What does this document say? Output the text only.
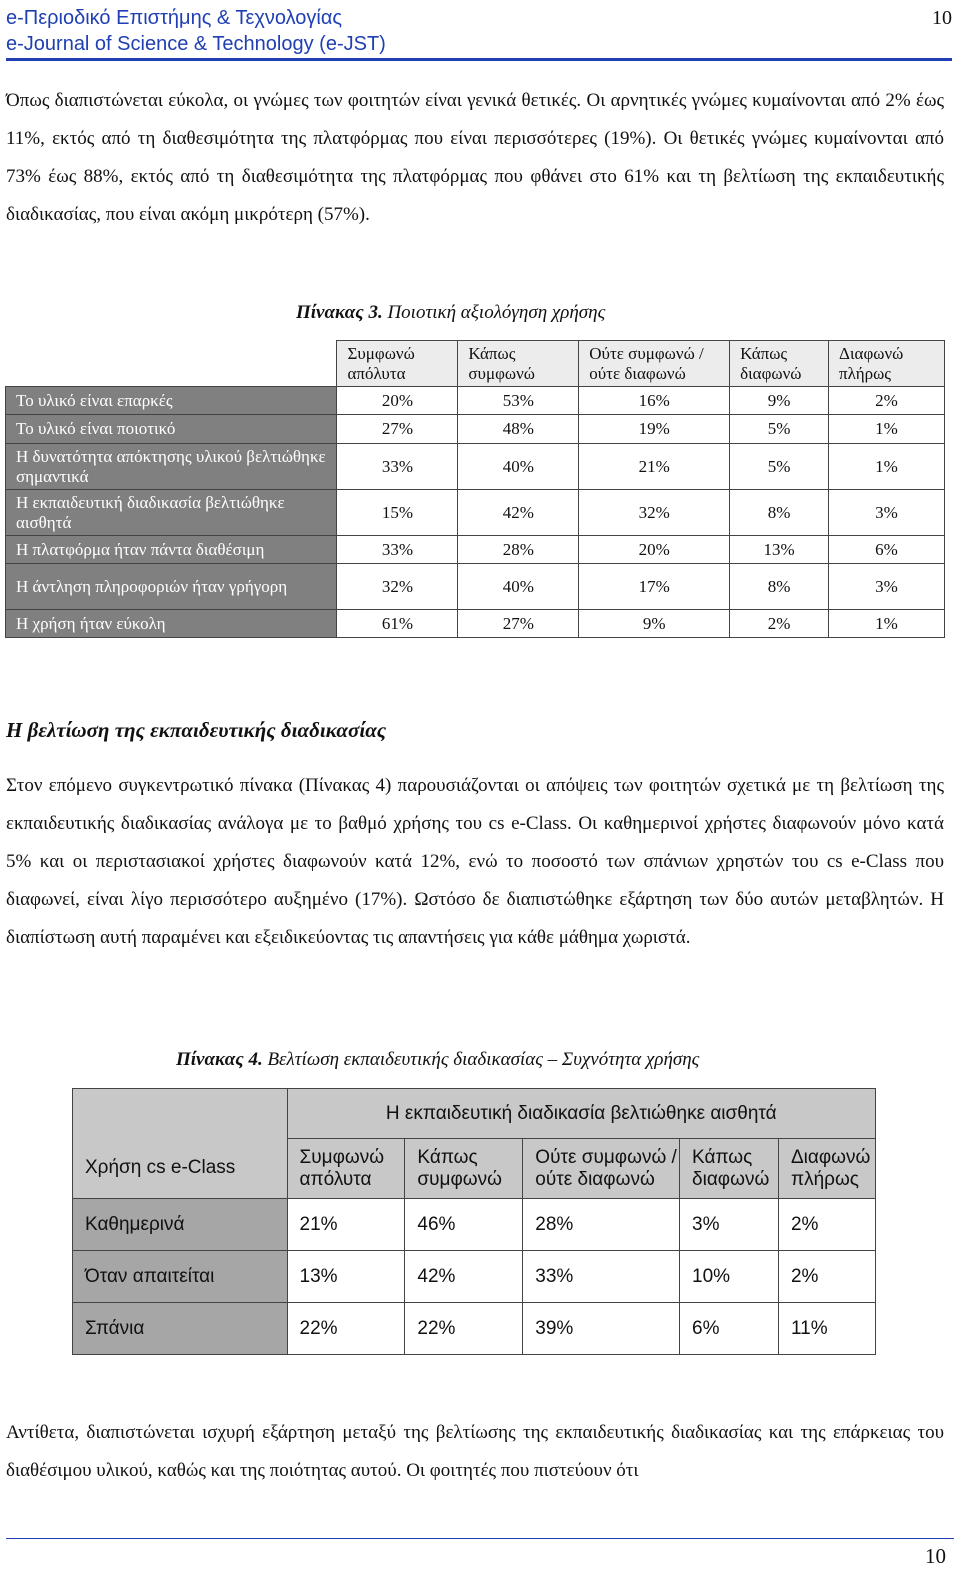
e-Περιοδικό Επιστήμης & Τεχνολογίας
e-Journal of Science & Technology (e-JST)
10

Όπως διαπιστώνεται εύκολα, οι γνώμες των φοιτητών είναι γενικά θετικές. Οι αρνητικές γνώμες κυμαίνονται από 2% έως 11%, εκτός από τη διαθεσιμότητα της πλατφόρμας που είναι περισσότερες (19%). Οι θετικές γνώμες κυμαίνονται από 73% έως 88%, εκτός από τη διαθεσιμότητα της πλατφόρμας που φθάνει στο 61% και τη βελτίωση της εκπαιδευτικής διαδικασίας, που είναι ακόμη μικρότερη (57%).

Πίνακας 3. Ποιοτική αξιολόγηση χρήσης
	Συμφωνώ απόλυτα	Κάπως συμφωνώ	Ούτε συμφωνώ /ούτε διαφωνώ	Κάπως διαφωνώ	Διαφωνώ πλήρως
Το υλικό είναι επαρκές	20%	53%	16%	9%	2%
Το υλικό είναι ποιοτικό	27%	48%	19%	5%	1%
Η δυνατότητα απόκτησης υλικού βελτιώθηκε σημαντικά	33%	40%	21%	5%	1%
Η εκπαιδευτική διαδικασία βελτιώθηκε αισθητά	15%	42%	32%	8%	3%
Η πλατφόρμα ήταν πάντα διαθέσιμη	33%	28%	20%	13%	6%
Η άντληση πληροφοριών ήταν γρήγορη	32%	40%	17%	8%	3%
Η χρήση ήταν εύκολη	61%	27%	9%	2%	1%
Η βελτίωση της εκπαιδευτικής διαδικασίας

Στον επόμενο συγκεντρωτικό πίνακα (Πίνακας 4) παρουσιάζονται οι απόψεις των φοιτητών σχετικά με τη βελτίωση της εκπαιδευτικής διαδικασίας ανάλογα με το βαθμό χρήσης του cs e-Class. Οι καθημερινοί χρήστες διαφωνούν μόνο κατά 5% και οι περιστασιακοί χρήστες διαφωνούν κατά 12%, ενώ το ποσοστό των σπάνιων χρηστών του cs e-Class που διαφωνεί, είναι λίγο περισσότερο αυξημένο (17%). Ωστόσο δε διαπιστώθηκε εξάρτηση των δύο αυτών μεταβλητών. Η διαπίστωση αυτή παραμένει και εξειδικεύοντας τις απαντήσεις για κάθε μάθημα χωριστά.

Πίνακας 4. Βελτίωση εκπαιδευτικής διαδικασίας – Συχνότητα χρήσης
	Η εκπαιδευτική διαδικασία βελτιώθηκε αισθητά				
Χρήση cs e-Class	Συμφωνώ απόλυτα	Κάπως συμφωνώ	Ούτε συμφωνώ / ούτε διαφωνώ	Κάπως διαφωνώ	Διαφωνώ πλήρως
Καθημερινά	21%	46%	28%	3%	2%
Όταν απαιτείται	13%	42%	33%	10%	2%
Σπάνια	22%	22%	39%	6%	11%

Αντίθετα, διαπιστώνεται ισχυρή εξάρτηση μεταξύ της βελτίωσης της εκπαιδευτικής διαδικασίας και της επάρκειας του διαθέσιμου υλικού, καθώς και της ποιότητας αυτού. Οι φοιτητές που πιστεύουν ότι

10
